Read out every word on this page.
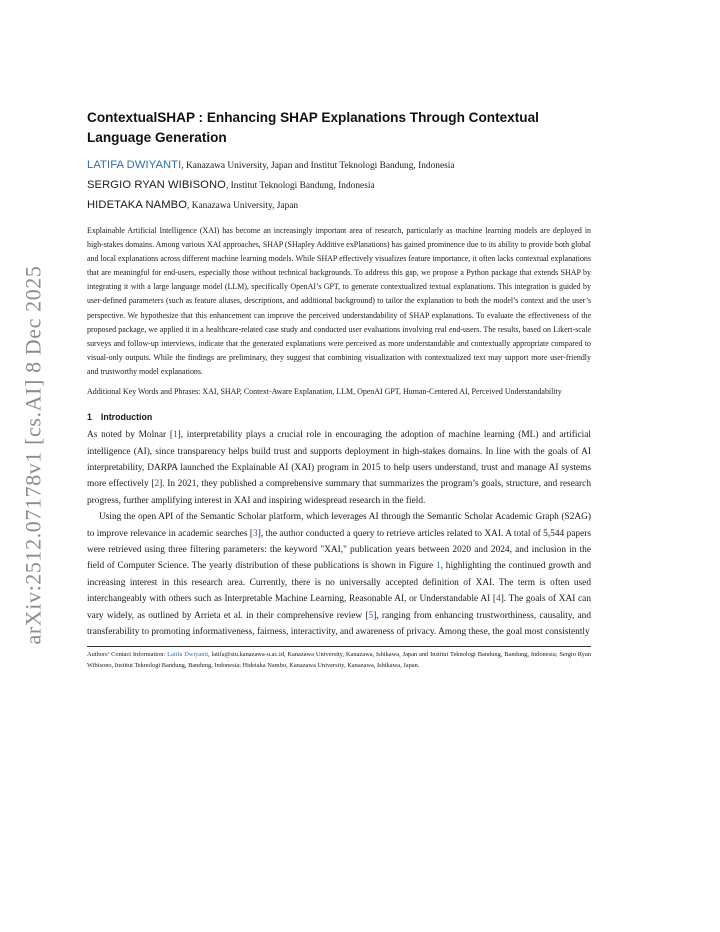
arXiv:2512.07178v1 [cs.AI] 8 Dec 2025
ContextualSHAP : Enhancing SHAP Explanations Through Contextual Language Generation

LATIFA DWIYANTI, Kanazawa University, Japan and Institut Teknologi Bandung, Indonesia

SERGIO RYAN WIBISONO, Institut Teknologi Bandung, Indonesia

HIDETAKA NAMBO, Kanazawa University, Japan

Explainable Artificial Intelligence (XAI) has become an increasingly important area of research, particularly as machine learning models are deployed in high-stakes domains. Among various XAI approaches, SHAP (SHapley Additive exPlanations) has gained prominence due to its ability to provide both global and local explanations across different machine learning models. While SHAP effectively visualizes feature importance, it often lacks contextual explanations that are meaningful for end-users, especially those without technical backgrounds. To address this gap, we propose a Python package that extends SHAP by integrating it with a large language model (LLM), specifically OpenAI’s GPT, to generate contextualized textual explanations. This integration is guided by user-defined parameters (such as feature aliases, descriptions, and additional background) to tailor the explanation to both the model’s context and the user’s perspective. We hypothesize that this enhancement can improve the perceived understandability of SHAP explanations. To evaluate the effectiveness of the proposed package, we applied it in a healthcare-related case study and conducted user evaluations involving real end-users. The results, based on Likert-scale surveys and follow-up interviews, indicate that the generated explanations were perceived as more understandable and contextually appropriate compared to visual-only outputs. While the findings are preliminary, they suggest that combining visualization with contextualized text may support more user-friendly and trustworthy model explanations.

Additional Key Words and Phrases: XAI, SHAP, Context-Aware Explanation, LLM, OpenAI GPT, Human-Centered AI, Perceived Understandability

1 Introduction

As noted by Molnar [1], interpretability plays a crucial role in encouraging the adoption of machine learning (ML) and artificial intelligence (AI), since transparency helps build trust and supports deployment in high-stakes domains. In line with the goals of AI interpretability, DARPA launched the Explainable AI (XAI) program in 2015 to help users understand, trust and manage AI systems more effectively [2]. In 2021, they published a comprehensive summary that summarizes the program’s goals, structure, and research progress, further amplifying interest in XAI and inspiring widespread research in the field.

Using the open API of the Semantic Scholar platform, which leverages AI through the Semantic Scholar Academic Graph (S2AG) to improve relevance in academic searches [3], the author conducted a query to retrieve articles related to XAI. A total of 5,544 papers were retrieved using three filtering parameters: the keyword "XAI," publication years between 2020 and 2024, and inclusion in the field of Computer Science. The yearly distribution of these publications is shown in Figure 1, highlighting the continued growth and increasing interest in this research area. Currently, there is no universally accepted definition of XAI. The term is often used interchangeably with others such as Interpretable Machine Learning, Reasonable AI, or Understandable AI [4]. The goals of XAI can vary widely, as outlined by Arrieta et al. in their comprehensive review [5], ranging from enhancing trustworthiness, causality, and transferability to promoting informativeness, fairness, interactivity, and awareness of privacy. Among these, the goal most consistently

Authors’ Contact Information: Latifa Dwiyanti, latifa@stu.kanazawa-u.ac.id, Kanazawa University, Kanazawa, Ishikawa, Japan and Institut Teknologi Bandung, Bandung, Indonesia; Sergio Ryan Wibisono, Institut Teknologi Bandung, Bandung, Indonesia; Hidetaka Nambo, Kanazawa University, Kanazawa, Ishikawa, Japan.
